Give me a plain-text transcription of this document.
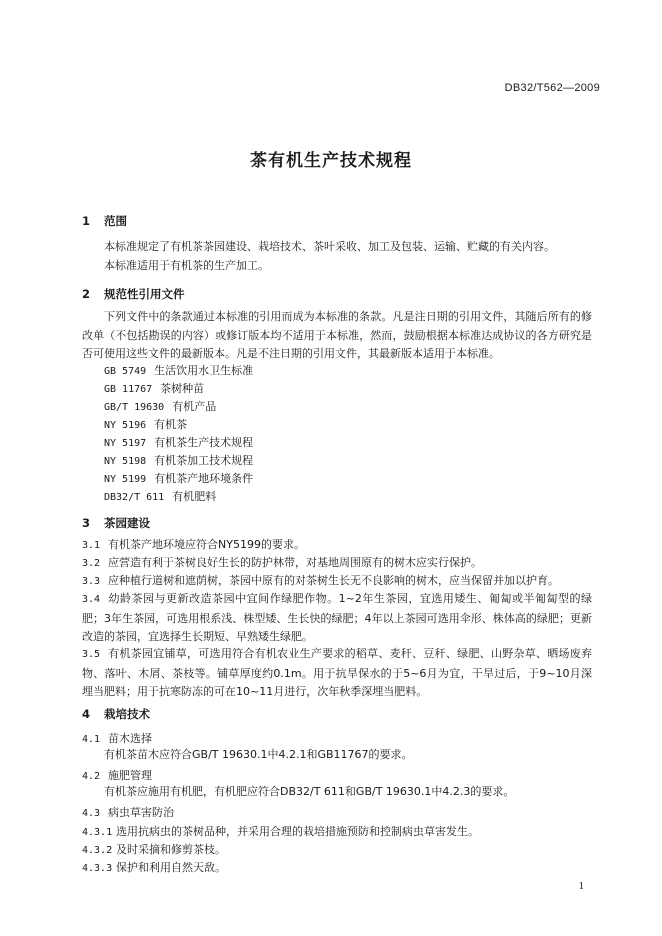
DB32/T562—2009
茶有机生产技术规程
1 范围
本标准规定了有机茶茶园建设、栽培技术、茶叶采收、加工及包装、运输、贮藏的有关内容。
本标准适用于有机茶的生产加工。
2 规范性引用文件
下列文件中的条款通过本标准的引用而成为本标准的条款。凡是注日期的引用文件，其随后所有的修改单（不包括勘误的内容）或修订版本均不适用于本标准，然而，鼓励根据本标准达成协议的各方研究是否可使用这些文件的最新版本。凡是不注日期的引用文件，其最新版本适用于本标准。
GB 5749 生活饮用水卫生标准
GB 11767 茶树种苗
GB/T 19630 有机产品
NY 5196 有机茶
NY 5197 有机茶生产技术规程
NY 5198 有机茶加工技术规程
NY 5199 有机茶产地环境条件
DB32/T 611 有机肥料
3 茶园建设
3.1 有机茶产地环境应符合NY5199的要求。
3.2 应营造有利于茶树良好生长的防护林带，对基地周围原有的树木应实行保护。
3.3 应种植行道树和遮荫树，茶园中原有的对茶树生长无不良影响的树木，应当保留并加以护育。
3.4 幼龄茶园与更新改造茶园中宜间作绿肥作物。1~2年生茶园，宜选用矮生、匍匐或半匍匐型的绿肥；3年生茶园，可选用根系浅、株型矮、生长快的绿肥；4年以上茶园可选用伞形、株体高的绿肥；更新改造的茶园，宜选择生长期短、早熟矮生绿肥。
3.5 有机茶园宜铺草，可选用符合有机农业生产要求的稻草、麦秆、豆秆、绿肥、山野杂草、晒场废弃物、落叶、木屑、茶枝等。铺草厚度约0.1m。用于抗旱保水的于5~6月为宜，干旱过后，于9~10月深埋当肥料；用于抗寒防冻的可在10~11月进行，次年秋季深埋当肥料。
4 栽培技术
4.1 苗木选择
有机茶苗木应符合GB/T 19630.1中4.2.1和GB11767的要求。
4.2 施肥管理
有机茶应施用有机肥，有机肥应符合DB32/T 611和GB/T 19630.1中4.2.3的要求。
4.3 病虫草害防治
4.3.1 选用抗病虫的茶树品种，并采用合理的栽培措施预防和控制病虫草害发生。
4.3.2 及时采摘和修剪茶枝。
4.3.3 保护和利用自然天敌。
1
